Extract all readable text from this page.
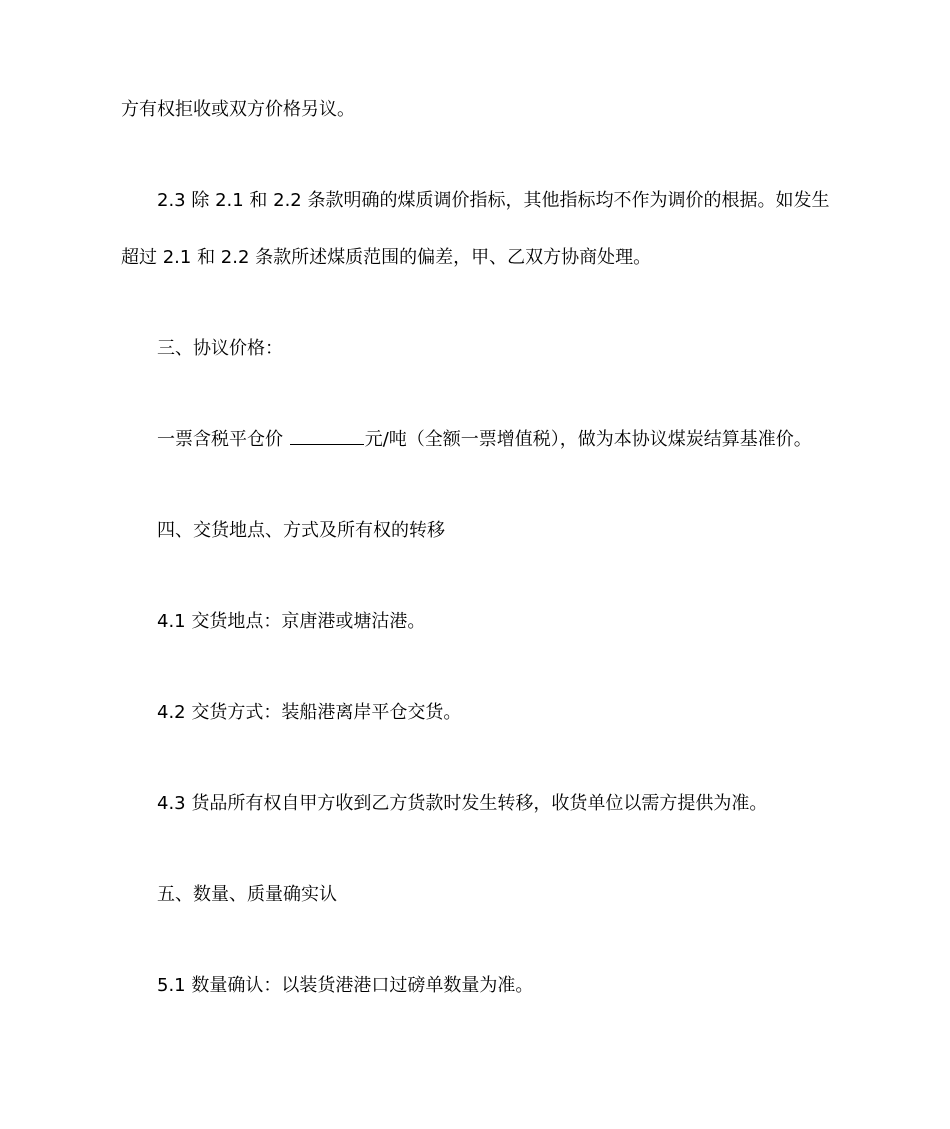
方有权拒收或双方价格另议。
2.3 除 2.1 和 2.2 条款明确的煤质调价指标，其他指标均不作为调价的根据。如发生
超过 2.1 和 2.2 条款所述煤质范围的偏差，甲、乙双方协商处理。
三、协议价格：
一票含税平仓价	元/吨（全额一票增值税），做为本协议煤炭结算基准价。
四、交货地点、方式及所有权的转移
4.1 交货地点：京唐港或塘沽港。
4.2 交货方式：装船港离岸平仓交货。
4.3 货品所有权自甲方收到乙方货款时发生转移，收货单位以需方提供为准。
五、数量、质量确实认
5.1 数量确认：以装货港港口过磅单数量为准。
